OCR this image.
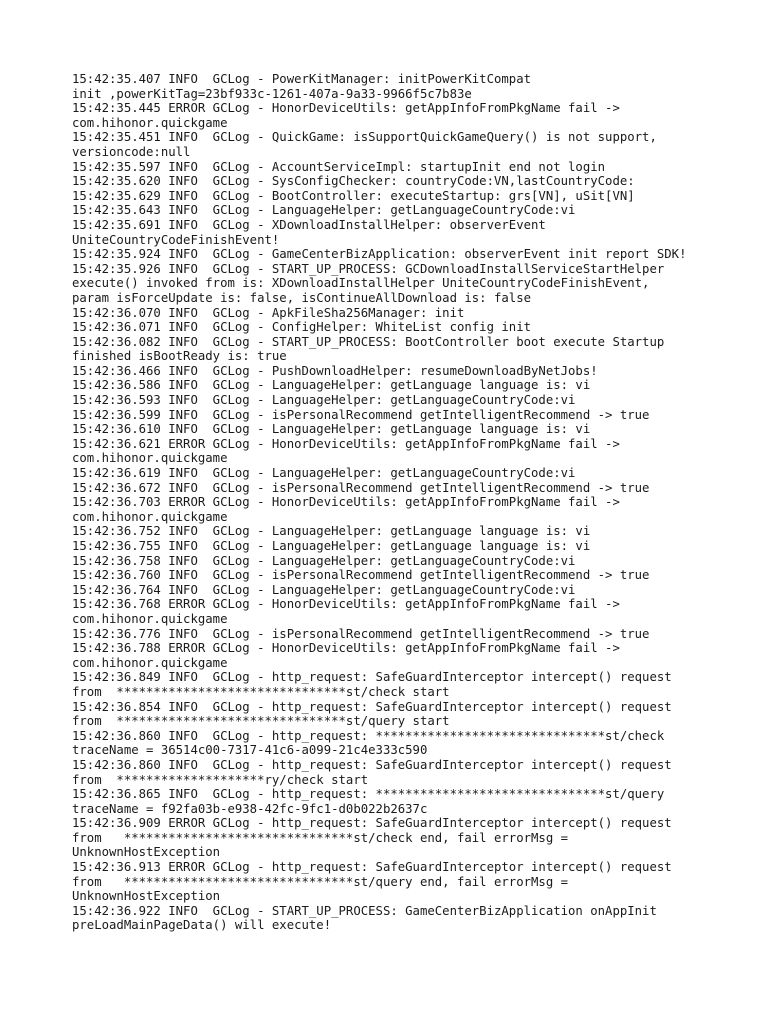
15:42:35.407 INFO  GCLog - PowerKitManager: initPowerKitCompat
init ,powerKitTag=23bf933c-1261-407a-9a33-9966f5c7b83e
15:42:35.445 ERROR GCLog - HonorDeviceUtils: getAppInfoFromPkgName fail ->
com.hihonor.quickgame
15:42:35.451 INFO  GCLog - QuickGame: isSupportQuickGameQuery() is not support,
versioncode:null
15:42:35.597 INFO  GCLog - AccountServiceImpl: startupInit end not login
15:42:35.620 INFO  GCLog - SysConfigChecker: countryCode:VN,lastCountryCode:
15:42:35.629 INFO  GCLog - BootController: executeStartup: grs[VN], uSit[VN]
15:42:35.643 INFO  GCLog - LanguageHelper: getLanguageCountryCode:vi
15:42:35.691 INFO  GCLog - XDownloadInstallHelper: observerEvent
UniteCountryCodeFinishEvent!
15:42:35.924 INFO  GCLog - GameCenterBizApplication: observerEvent init report SDK!
15:42:35.926 INFO  GCLog - START_UP_PROCESS: GCDownloadInstallServiceStartHelper
execute() invoked from is: XDownloadInstallHelper UniteCountryCodeFinishEvent,
param isForceUpdate is: false, isContinueAllDownload is: false
15:42:36.070 INFO  GCLog - ApkFileSha256Manager: init
15:42:36.071 INFO  GCLog - ConfigHelper: WhiteList config init
15:42:36.082 INFO  GCLog - START_UP_PROCESS: BootController boot execute Startup
finished isBootReady is: true
15:42:36.466 INFO  GCLog - PushDownloadHelper: resumeDownloadByNetJobs!
15:42:36.586 INFO  GCLog - LanguageHelper: getLanguage language is: vi
15:42:36.593 INFO  GCLog - LanguageHelper: getLanguageCountryCode:vi
15:42:36.599 INFO  GCLog - isPersonalRecommend getIntelligentRecommend -> true
15:42:36.610 INFO  GCLog - LanguageHelper: getLanguage language is: vi
15:42:36.621 ERROR GCLog - HonorDeviceUtils: getAppInfoFromPkgName fail ->
com.hihonor.quickgame
15:42:36.619 INFO  GCLog - LanguageHelper: getLanguageCountryCode:vi
15:42:36.672 INFO  GCLog - isPersonalRecommend getIntelligentRecommend -> true
15:42:36.703 ERROR GCLog - HonorDeviceUtils: getAppInfoFromPkgName fail ->
com.hihonor.quickgame
15:42:36.752 INFO  GCLog - LanguageHelper: getLanguage language is: vi
15:42:36.755 INFO  GCLog - LanguageHelper: getLanguage language is: vi
15:42:36.758 INFO  GCLog - LanguageHelper: getLanguageCountryCode:vi
15:42:36.760 INFO  GCLog - isPersonalRecommend getIntelligentRecommend -> true
15:42:36.764 INFO  GCLog - LanguageHelper: getLanguageCountryCode:vi
15:42:36.768 ERROR GCLog - HonorDeviceUtils: getAppInfoFromPkgName fail ->
com.hihonor.quickgame
15:42:36.776 INFO  GCLog - isPersonalRecommend getIntelligentRecommend -> true
15:42:36.788 ERROR GCLog - HonorDeviceUtils: getAppInfoFromPkgName fail ->
com.hihonor.quickgame
15:42:36.849 INFO  GCLog - http_request: SafeGuardInterceptor intercept() request
from  *******************************st/check start
15:42:36.854 INFO  GCLog - http_request: SafeGuardInterceptor intercept() request
from  *******************************st/query start
15:42:36.860 INFO  GCLog - http_request: *******************************st/check
traceName = 36514c00-7317-41c6-a099-21c4e333c590
15:42:36.860 INFO  GCLog - http_request: SafeGuardInterceptor intercept() request
from  ********************ry/check start
15:42:36.865 INFO  GCLog - http_request: *******************************st/query
traceName = f92fa03b-e938-42fc-9fc1-d0b022b2637c
15:42:36.909 ERROR GCLog - http_request: SafeGuardInterceptor intercept() request
from   *******************************st/check end, fail errorMsg =
UnknownHostException
15:42:36.913 ERROR GCLog - http_request: SafeGuardInterceptor intercept() request
from   *******************************st/query end, fail errorMsg =
UnknownHostException
15:42:36.922 INFO  GCLog - START_UP_PROCESS: GameCenterBizApplication onAppInit
preLoadMainPageData() will execute!
